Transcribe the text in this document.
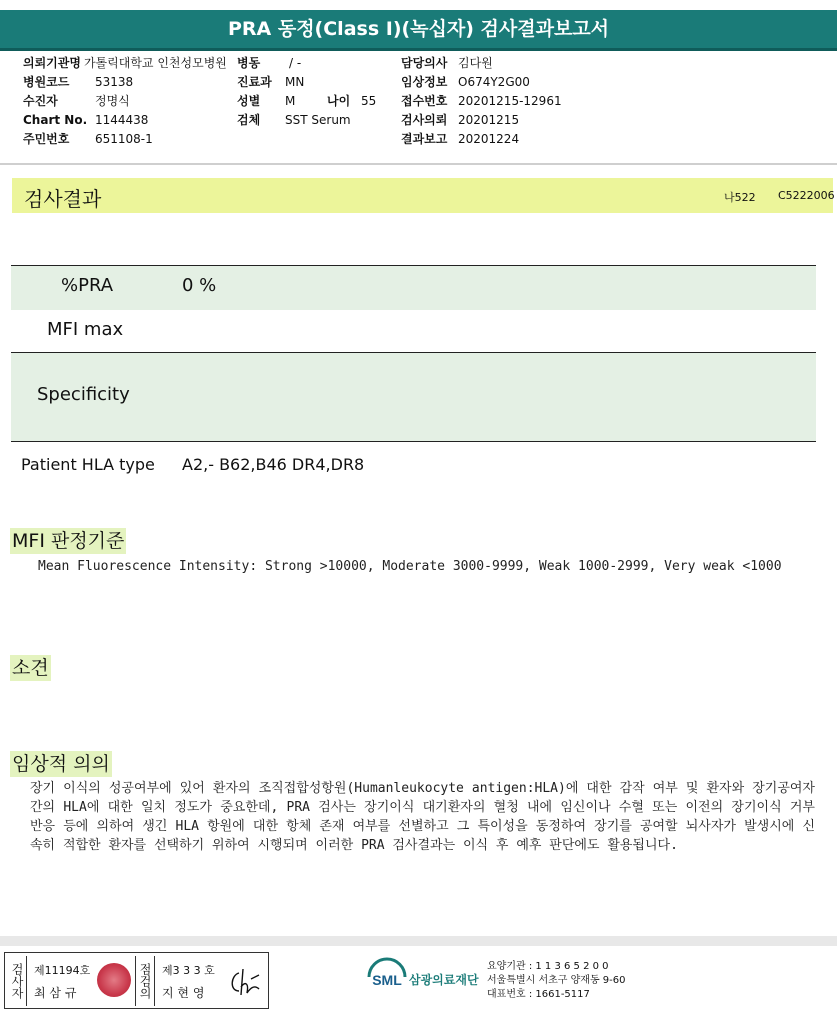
PRA 동정(Class I)(녹십자) 검사결과보고서
의뢰기관명 가톨릭대학교 인천성모병원
병원코드 53138
수진자	정명식
Chart No. 1144438
주민번호 651108-1
병동 / -
진료과 MN
성별 M	나이 55
검체 SST Serum
담당의사 김다원
임상정보 O674Y2G00
접수번호 20201215-12961
검사의뢰 20201215
결과보고 20201224
검사결과	나522 C5222006
%PRA	0 %
MFI max
Specificity
Patient HLA type A2,- B62,B46 DR4,DR8
MFI 판정기준
Mean Fluorescence Intensity: Strong >10000, Moderate 3000-9999, Weak 1000-2999, Very weak <1000
소견
임상적 의의
장기 이식의 성공여부에 있어 환자의 조직접합성항원(Humanleukocyte antigen:HLA)에 대한 감작 여부 및 환자와 장기공여자간의 HLA에 대한 일치 정도가 중요한데, PRA 검사는 장기이식 대기환자의 혈청 내에 임신이나 수혈 또는 이전의 장기이식 거부반응 등에 의하여 생긴 HLA 항원에 대한 항체 존재 여부를 선별하고 그 특이성을 동정하여 장기를 공여할 뇌사자가 발생시에 신속히 적합한 환자를 선택하기 위하여 시행되며 이러한 PRA 검사결과는 이식 후 예후 판단에도 활용됩니다.
검사자 제11194호
최 삼 규	점검의 제3 3 3 호
지 현 영
SML 삼광의료재단
요양기관 : 1 1 3 6 5 2 0 0
서울특별시 서초구 양재동 9-60
대표번호 : 1661-5117
